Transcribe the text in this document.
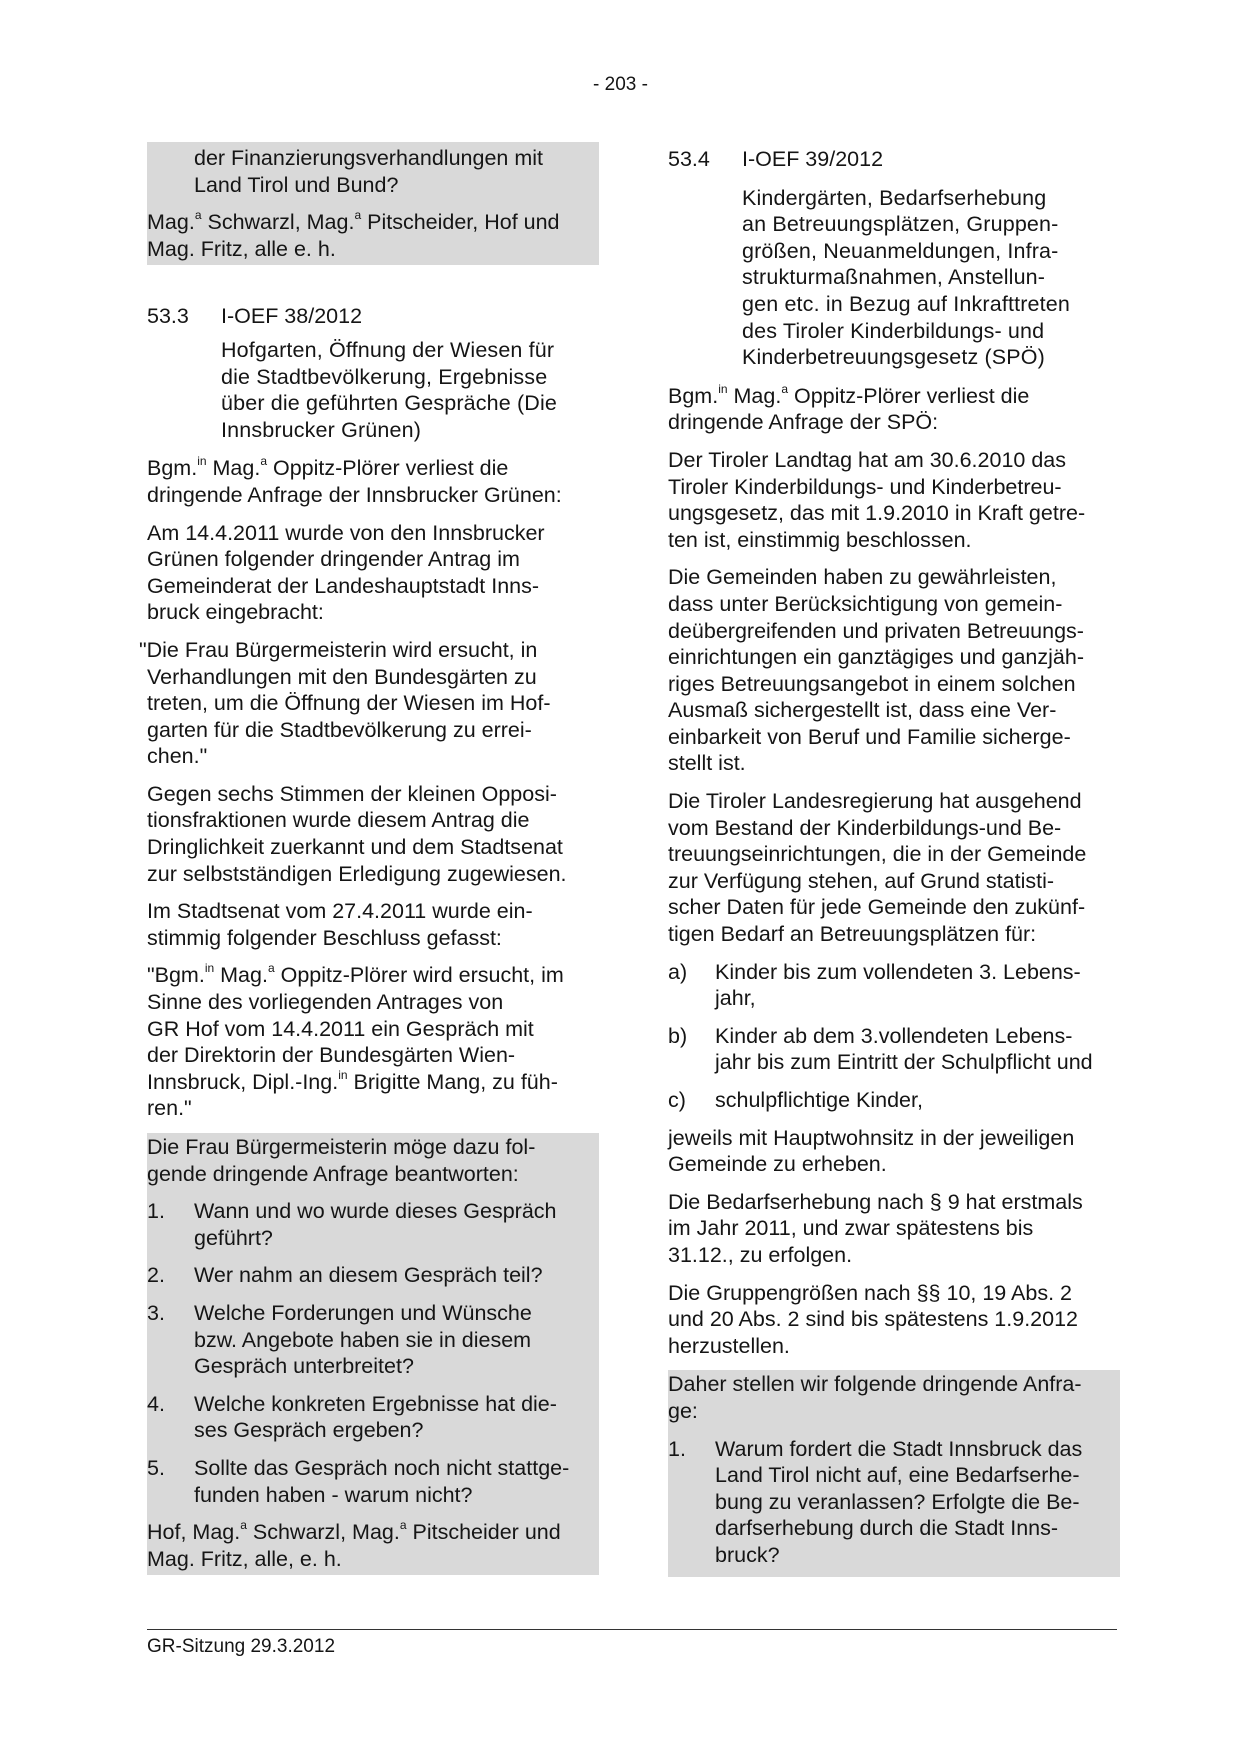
- 203 -
der Finanzierungsverhandlungen mit
Land Tirol und Bund?
Mag.$^a$ Schwarzl, Mag.$^a$ Pitscheider, Hof und
Mag. Fritz, alle e. h.
53.3	I-OEF 38/2012
Hofgarten, Öffnung der Wiesen für
die Stadtbevölkerung, Ergebnisse
über die geführten Gespräche (Die
Innsbrucker Grünen)

Bgm.$^{in}$ Mag.$^a$ Oppitz-Plörer verliest die
dringende Anfrage der Innsbrucker Grünen:

Am 14.4.2011 wurde von den Innsbrucker
Grünen folgender dringender Antrag im
Gemeinderat der Landeshauptstadt Inns-
bruck eingebracht:

"Die Frau Bürgermeisterin wird ersucht, in
Verhandlungen mit den Bundesgärten zu
treten, um die Öffnung der Wiesen im Hof-
garten für die Stadtbevölkerung zu errei-
chen."

Gegen sechs Stimmen der kleinen Opposi-
tionsfraktionen wurde diesem Antrag die
Dringlichkeit zuerkannt und dem Stadtsenat
zur selbstständigen Erledigung zugewiesen.

Im Stadtsenat vom 27.4.2011 wurde ein-
stimmig folgender Beschluss gefasst:

"Bgm.$^{in}$ Mag.$^a$ Oppitz-Plörer wird ersucht, im
Sinne des vorliegenden Antrages von
GR Hof vom 14.4.2011 ein Gespräch mit
der Direktorin der Bundesgärten Wien-
Innsbruck, Dipl.-Ing.$^{in}$ Brigitte Mang, zu füh-
ren."

Die Frau Bürgermeisterin möge dazu fol-
gende dringende Anfrage beantworten:

1.	Wann und wo wurde dieses Gespräch
geführt?
2.	Wer nahm an diesem Gespräch teil?
3.	Welche Forderungen und Wünsche
bzw. Angebote haben sie in diesem
Gespräch unterbreitet?
4.	Welche konkreten Ergebnisse hat die-
ses Gespräch ergeben?
5.	Sollte das Gespräch noch nicht stattge-
funden haben - warum nicht?
Hof, Mag.$^a$ Schwarzl, Mag.$^a$ Pitscheider und
Mag. Fritz, alle, e. h.
53.4	I-OEF 39/2012
Kindergärten, Bedarfserhebung
an Betreuungsplätzen, Gruppen-
größen, Neuanmeldungen, Infra-
strukturmaßnahmen, Anstellun-
gen etc. in Bezug auf Inkrafttreten
des Tiroler Kinderbildungs- und
Kinderbetreuungsgesetz (SPÖ)

Bgm.$^{in}$ Mag.$^a$ Oppitz-Plörer verliest die
dringende Anfrage der SPÖ:

Der Tiroler Landtag hat am 30.6.2010 das
Tiroler Kinderbildungs- und Kinderbetreu-
ungsgesetz, das mit 1.9.2010 in Kraft getre-
ten ist, einstimmig beschlossen.

Die Gemeinden haben zu gewährleisten,
dass unter Berücksichtigung von gemein-
deübergreifenden und privaten Betreuungs-
einrichtungen ein ganztägiges und ganzjäh-
riges Betreuungsangebot in einem solchen
Ausmaß sichergestellt ist, dass eine Ver-
einbarkeit von Beruf und Familie sicherge-
stellt ist.

Die Tiroler Landesregierung hat ausgehend
vom Bestand der Kinderbildungs-und Be-
treuungseinrichtungen, die in der Gemeinde
zur Verfügung stehen, auf Grund statisti-
scher Daten für jede Gemeinde den zukünf-
tigen Bedarf an Betreuungsplätzen für:

a)	Kinder bis zum vollendeten 3. Lebens-
jahr,
b)	Kinder ab dem 3.vollendeten Lebens-
jahr bis zum Eintritt der Schulpflicht und
c)	schulpflichtige Kinder,

jeweils mit Hauptwohnsitz in der jeweiligen
Gemeinde zu erheben.

Die Bedarfserhebung nach § 9 hat erstmals
im Jahr 2011, und zwar spätestens bis
31.12., zu erfolgen.

Die Gruppengrößen nach §§ 10, 19 Abs. 2
und 20 Abs. 2 sind bis spätestens 1.9.2012
herzustellen.

Daher stellen wir folgende dringende Anfra-
ge:

1.	Warum fordert die Stadt Innsbruck das
Land Tirol nicht auf, eine Bedarfserhe-
bung zu veranlassen? Erfolgte die Be-
darfserhebung durch die Stadt Inns-
bruck?
GR-Sitzung 29.3.2012
